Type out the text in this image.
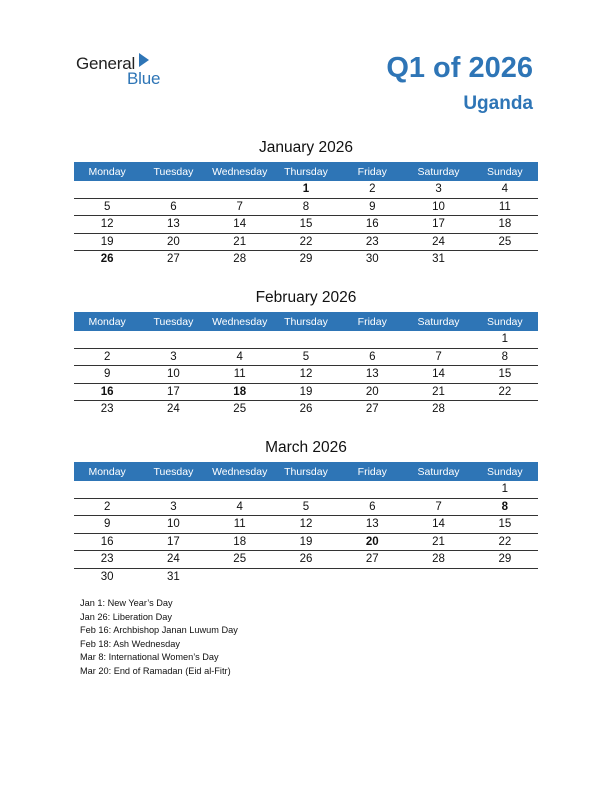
General
Blue	Q1 of 2026
Uganda
January 2026
Monday	Tuesday	Wednesday	Thursday	Friday	Saturday	Sunday
			1	2	3	4
5	6	7	8	9	10	11
12	13	14	15	16	17	18
19	20	21	22	23	24	25
26	27	28	29	30	31	
February 2026
Monday	Tuesday	Wednesday	Thursday	Friday	Saturday	Sunday
						1
2	3	4	5	6	7	8
9	10	11	12	13	14	15
16	17	18	19	20	21	22
23	24	25	26	27	28	
March 2026
Monday	Tuesday	Wednesday	Thursday	Friday	Saturday	Sunday
						1
2	3	4	5	6	7	8
9	10	11	12	13	14	15
16	17	18	19	20	21	22
23	24	25	26	27	28	29
30	31					
Jan 1: New Year’s Day
Jan 26: Liberation Day
Feb 16: Archbishop Janan Luwum Day
Feb 18: Ash Wednesday
Mar 8: International Women’s Day
Mar 20: End of Ramadan (Eid al-Fitr)
